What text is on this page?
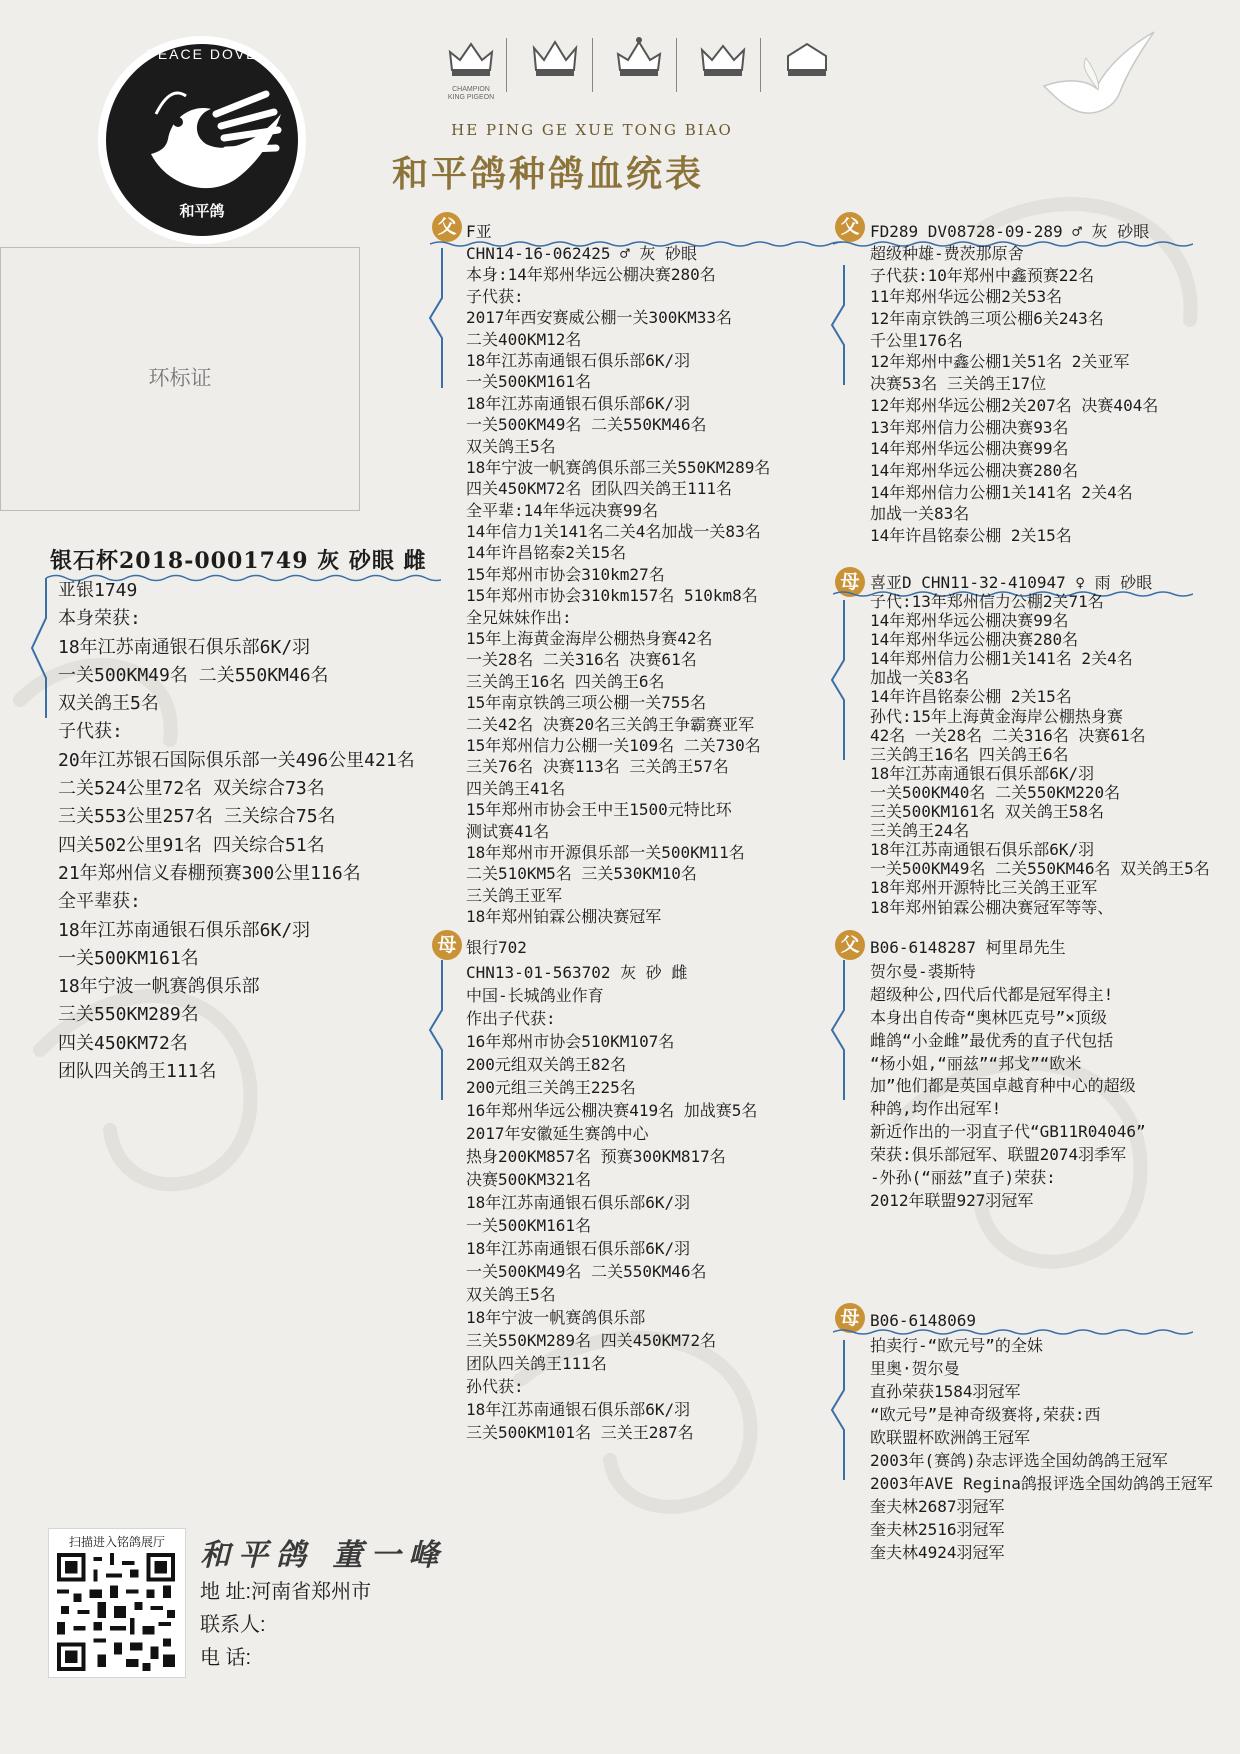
PEACE DOVE
和平鸽
CHAMPION
KING PIGEON
HE PING GE XUE TONG BIAO
和平鸽种鸽血统表
环标证
银石杯2018-0001749 灰 砂眼 雌
亚银1749
本身荣获:
18年江苏南通银石俱乐部6K/羽
一关500KM49名 二关550KM46名
双关鸽王5名
子代获:
20年江苏银石国际俱乐部一关496公里421名
二关524公里72名 双关综合73名
三关553公里257名 三关综合75名
四关502公里91名 四关综合51名
21年郑州信义春棚预赛300公里116名
全平辈获:
18年江苏南通银石俱乐部6K/羽
一关500KM161名
18年宁波一帆赛鸽俱乐部
三关550KM289名
四关450KM72名
团队四关鸽王111名
父 F亚
CHN14-16-062425 ♂ 灰 砂眼
本身:14年郑州华远公棚决赛280名
子代获:
2017年西安赛威公棚一关300KM33名
二关400KM12名
18年江苏南通银石俱乐部6K/羽
一关500KM161名
18年江苏南通银石俱乐部6K/羽
一关500KM49名 二关550KM46名
双关鸽王5名
18年宁波一帆赛鸽俱乐部三关550KM289名
四关450KM72名 团队四关鸽王111名
全平辈:14年华远决赛99名
14年信力1关141名二关4名加战一关83名
14年许昌铭泰2关15名
15年郑州市协会310km27名
15年郑州市协会310km157名 510km8名
全兄妹妹作出:
15年上海黄金海岸公棚热身赛42名
一关28名 二关316名 决赛61名
三关鸽王16名 四关鸽王6名
15年南京铁鸽三项公棚一关755名
二关42名 决赛20名三关鸽王争霸赛亚军
15年郑州信力公棚一关109名 二关730名
三关76名 决赛113名 三关鸽王57名
四关鸽王41名
15年郑州市协会王中王1500元特比环
测试赛41名
18年郑州市开源俱乐部一关500KM11名
二关510KM5名 三关530KM10名
三关鸽王亚军
18年郑州铂霖公棚决赛冠军
母 银行702
CHN13-01-563702 灰 砂 雌
中国-长城鸽业作育
作出子代获:
16年郑州市协会510KM107名
200元组双关鸽王82名
200元组三关鸽王225名
16年郑州华远公棚决赛419名 加战赛5名
2017年安徽延生赛鸽中心
热身200KM857名 预赛300KM817名
决赛500KM321名
18年江苏南通银石俱乐部6K/羽
一关500KM161名
18年江苏南通银石俱乐部6K/羽
一关500KM49名 二关550KM46名
双关鸽王5名
18年宁波一帆赛鸽俱乐部
三关550KM289名 四关450KM72名
团队四关鸽王111名
孙代获:
18年江苏南通银石俱乐部6K/羽
三关500KM101名 三关王287名
父 FD289 DV08728-09-289 ♂ 灰 砂眼
超级种雄-费茨那原舍
子代获:10年郑州中鑫预赛22名
11年郑州华远公棚2关53名
12年南京铁鸽三项公棚6关243名
千公里176名
12年郑州中鑫公棚1关51名 2关亚军
决赛53名 三关鸽王17位
12年郑州华远公棚2关207名 决赛404名
13年郑州信力公棚决赛93名
14年郑州华远公棚决赛99名
14年郑州华远公棚决赛280名
14年郑州信力公棚1关141名 2关4名
加战一关83名
14年许昌铭泰公棚 2关15名
母 喜亚D CHN11-32-410947 ♀ 雨 砂眼
子代:13年郑州信力公棚2关71名
14年郑州华远公棚决赛99名
14年郑州华远公棚决赛280名
14年郑州信力公棚1关141名 2关4名
加战一关83名
14年许昌铭泰公棚 2关15名
孙代:15年上海黄金海岸公棚热身赛
42名 一关28名 二关316名 决赛61名
三关鸽王16名 四关鸽王6名
18年江苏南通银石俱乐部6K/羽
一关500KM40名 二关550KM220名
三关500KM161名 双关鸽王58名
三关鸽王24名
18年江苏南通银石俱乐部6K/羽
一关500KM49名 二关550KM46名 双关鸽王5名
18年郑州开源特比三关鸽王亚军
18年郑州铂霖公棚决赛冠军等等、
父 B06-6148287 柯里昂先生
贺尔曼-裘斯特
超级种公,四代后代都是冠军得主!
本身出自传奇“奥林匹克号”×顶级
雌鸽“小金雌”最优秀的直子代包括
“杨小姐,“丽兹”“邦戈”“欧米
加”他们都是英国卓越育种中心的超级
种鸽,均作出冠军!
新近作出的一羽直子代“GB11R04046”
荣获:俱乐部冠军、联盟2074羽季军
-外孙(“丽兹”直子)荣获:
2012年联盟927羽冠军
母 B06-6148069
拍卖行-“欧元号”的全妹
里奥·贺尔曼
直孙荣获1584羽冠军
“欧元号”是神奇级赛将,荣获:西
欧联盟杯欧洲鸽王冠军
2003年(赛鸽)杂志评选全国幼鸽鸽王冠军
2003年AVE Regina鸽报评选全国幼鸽鸽王冠军
奎夫林2687羽冠军
奎夫林2516羽冠军
奎夫林4924羽冠军
扫描进入铭鸽展厅	和平鸽 董一峰
地 址:河南省郑州市
联系人:
电 话:
